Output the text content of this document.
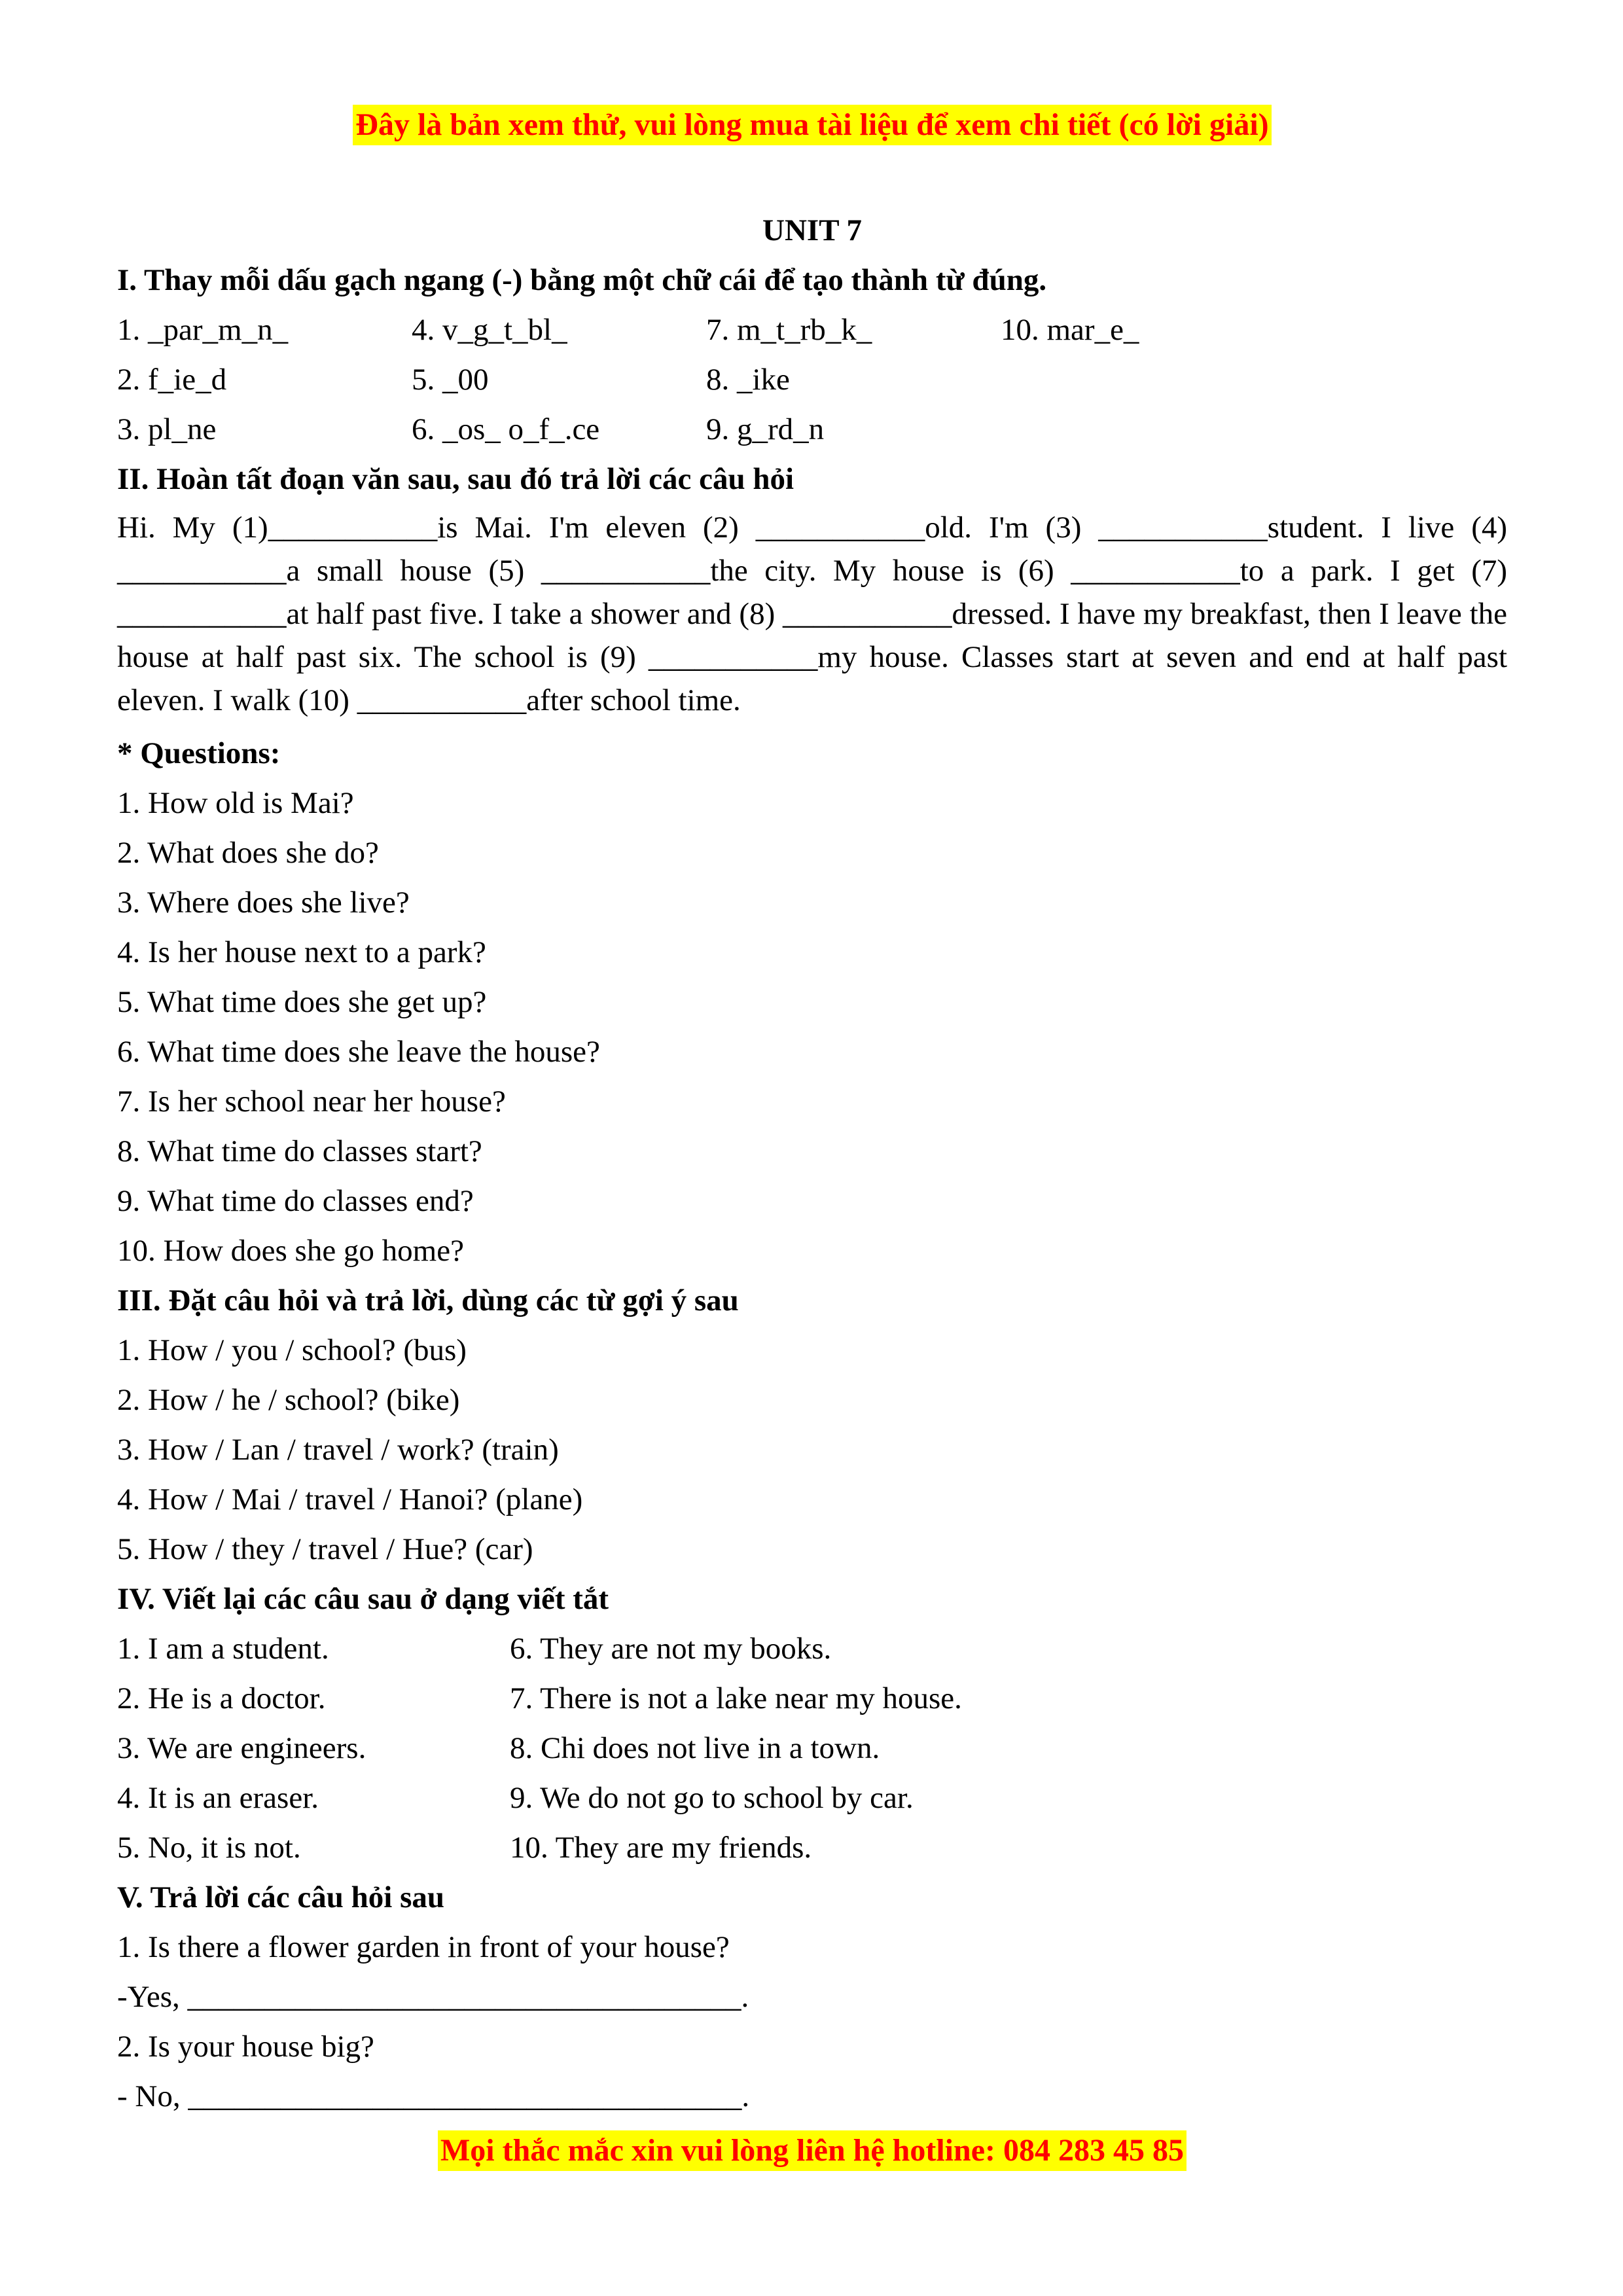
Đây là bản xem thử, vui lòng mua tài liệu để xem chi tiết (có lời giải)
UNIT 7
I. Thay mỗi dấu gạch ngang (-) bằng một chữ cái để tạo thành từ đúng.
1. _par_m_n_	4. v_g_t_bl_	7. m_t_rb_k_	10. mar_e_
2. f_ie_d	5. _00	8. _ike
3. pl_ne	6. _os_ o_f_.ce	9. g_rd_n
II. Hoàn tất đoạn văn sau, sau đó trả lời các câu hỏi
Hi. My (1)___________is Mai. I'm eleven (2) ___________old. I'm (3) ___________student. I live (4) ___________a small house (5) ___________the city. My house is (6) ___________to a park. I get (7) ___________at half past five. I take a shower and (8) ___________dressed. I have my breakfast, then I leave the house at half past six. The school is (9) ___________my house. Classes start at seven and end at half past eleven. I walk (10) ___________after school time.
* Questions:
1. How old is Mai?
2. What does she do?
3. Where does she live?
4. Is her house next to a park?
5. What time does she get up?
6. What time does she leave the house?
7. Is her school near her house?
8. What time do classes start?
9. What time do classes end?
10. How does she go home?
III. Đặt câu hỏi và trả lời, dùng các từ gợi ý sau
1. How / you / school? (bus)
2. How / he / school? (bike)
3. How / Lan / travel / work? (train)
4. How / Mai / travel / Hanoi? (plane)
5. How / they / travel / Hue? (car)
IV. Viết lại các câu sau ở dạng viết tắt
1. I am a student.	6. They are not my books.
2. He is a doctor.	7. There is not a lake near my house.
3. We are engineers.	8. Chi does not live in a town.
4. It is an eraser.	9. We do not go to school by car.
5. No, it is not.	10. They are my friends.
V. Trả lời các câu hỏi sau
1. Is there a flower garden in front of your house?
-Yes, ____________________________________.
2. Is your house big?
- No, ____________________________________.
Mọi thắc mắc xin vui lòng liên hệ hotline: 084 283 45 85
